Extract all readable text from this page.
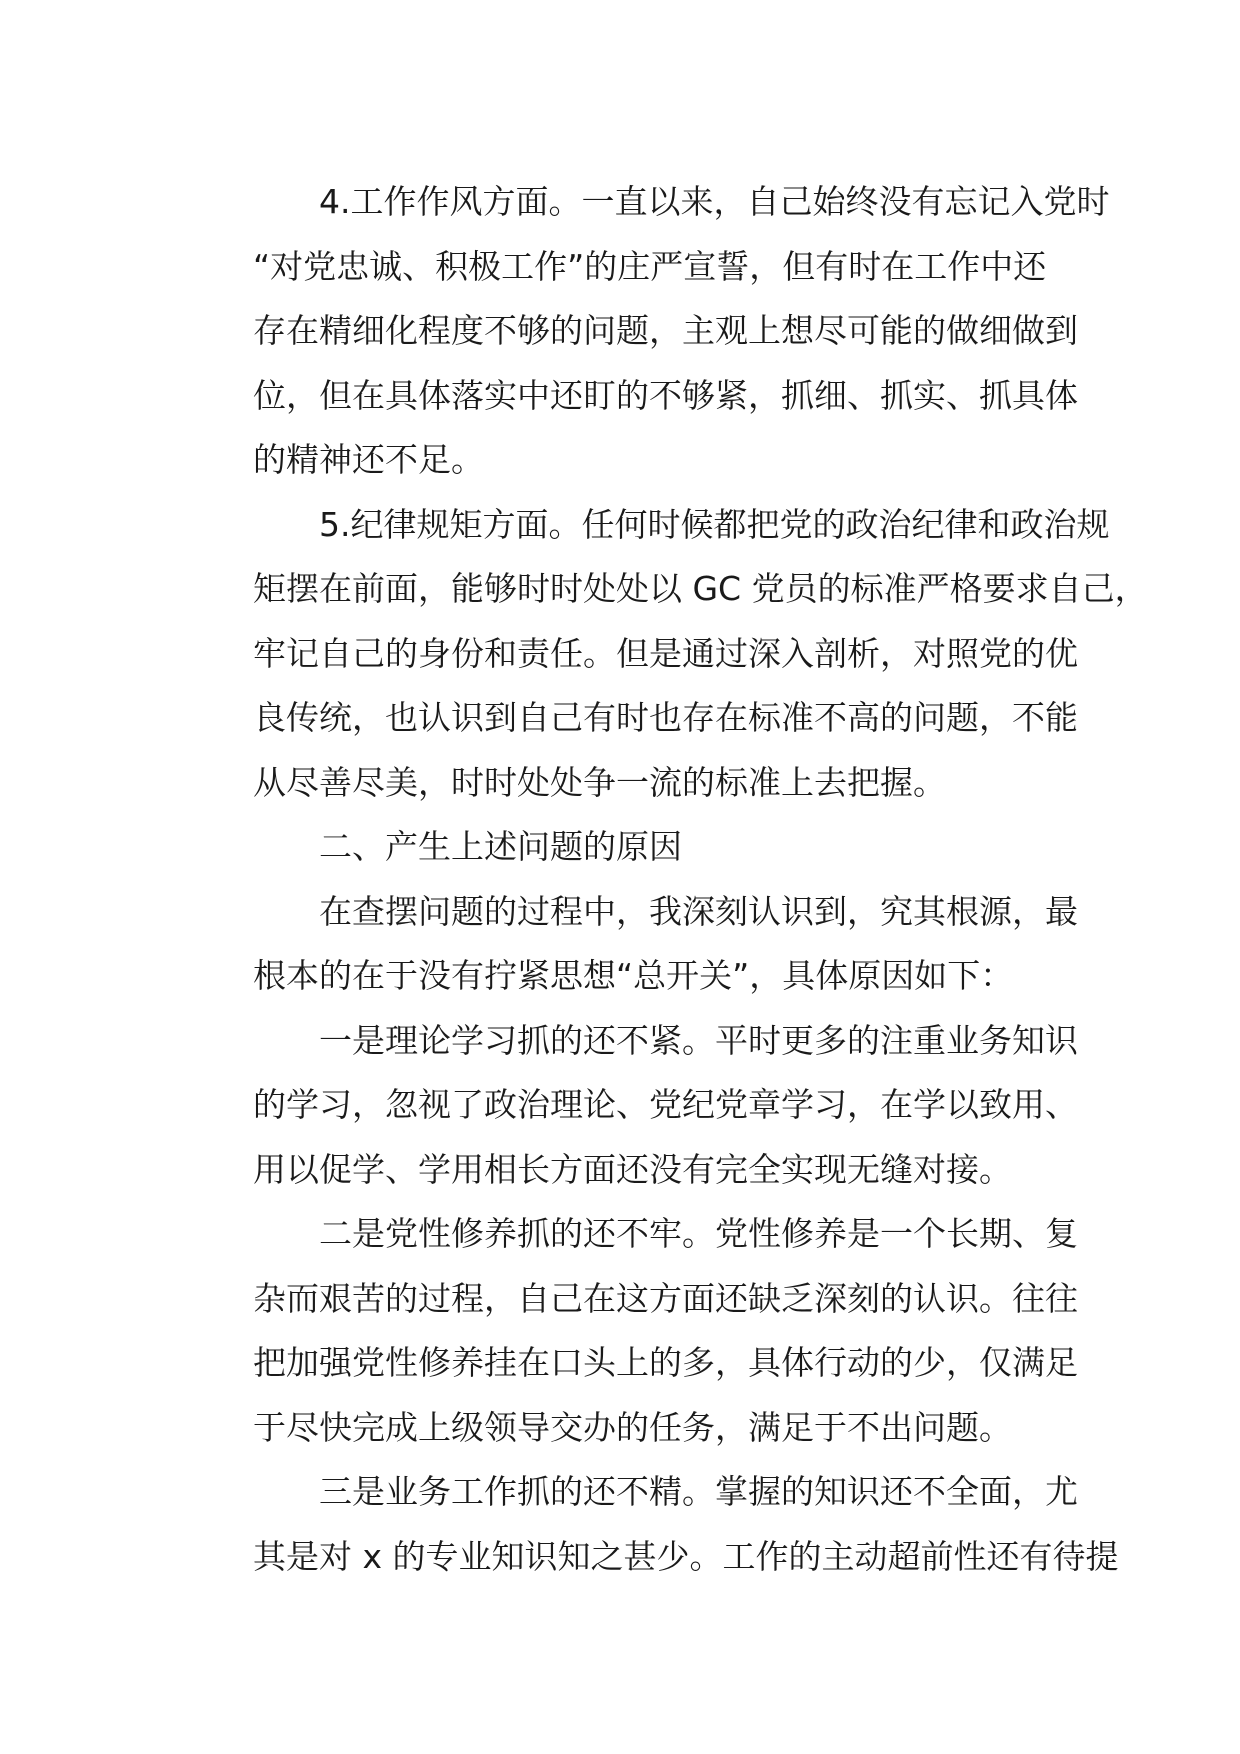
4.工作作风方面。一直以来，自己始终没有忘记入党时
“对党忠诚、积极工作”的庄严宣誓，但有时在工作中还
存在精细化程度不够的问题，主观上想尽可能的做细做到
位，但在具体落实中还盯的不够紧，抓细、抓实、抓具体
的精神还不足。
5.纪律规矩方面。任何时候都把党的政治纪律和政治规
矩摆在前面，能够时时处处以 GC 党员的标准严格要求自己，
牢记自己的身份和责任。但是通过深入剖析，对照党的优
良传统，也认识到自己有时也存在标准不高的问题，不能
从尽善尽美，时时处处争一流的标准上去把握。
二、产生上述问题的原因
在查摆问题的过程中，我深刻认识到，究其根源，最
根本的在于没有拧紧思想“总开关”，具体原因如下：
一是理论学习抓的还不紧。平时更多的注重业务知识
的学习，忽视了政治理论、党纪党章学习，在学以致用、
用以促学、学用相长方面还没有完全实现无缝对接。
二是党性修养抓的还不牢。党性修养是一个长期、复
杂而艰苦的过程，自己在这方面还缺乏深刻的认识。往往
把加强党性修养挂在口头上的多，具体行动的少，仅满足
于尽快完成上级领导交办的任务，满足于不出问题。
三是业务工作抓的还不精。掌握的知识还不全面，尤
其是对 x 的专业知识知之甚少。工作的主动超前性还有待提
